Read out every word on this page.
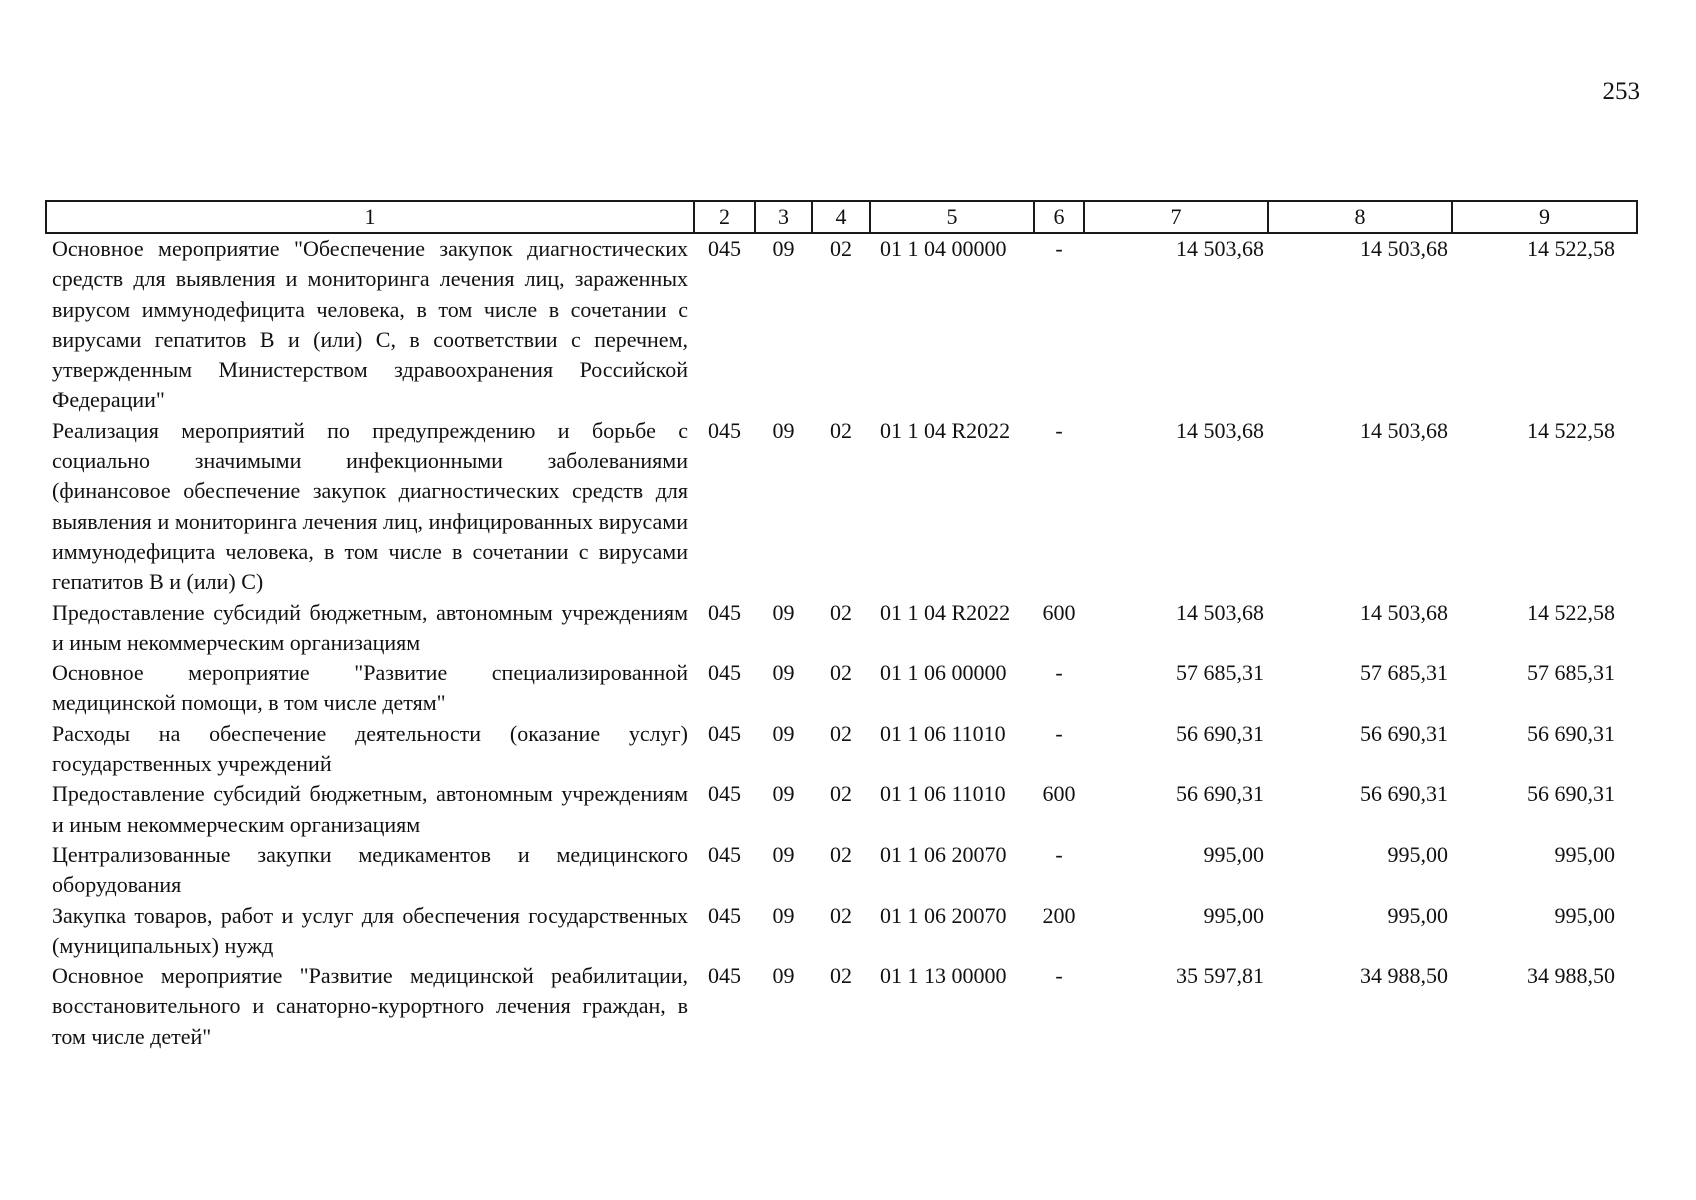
253
1	2	3	4	5	6	7	8	9
Основное мероприятие "Обеспечение закупок диагностических средств для выявления и мониторинга лечения лиц, зараженных вирусом иммунодефицита человека, в том числе в сочетании с вирусами гепатитов В и (или) С, в соответствии с перечнем, утвержденным Министерством здравоохранения Российской Федерации"	045	09	02	01 1 04 00000	-	14 503,68	14 503,68	14 522,58
Реализация мероприятий по предупреждению и борьбе с социально значимыми инфекционными заболеваниями (финансовое обеспечение закупок диагностических средств для выявления и мониторинга лечения лиц, инфицированных вирусами иммунодефицита человека, в том числе в сочетании с вирусами гепатитов В и (или) С)	045	09	02	01 1 04 R2022	-	14 503,68	14 503,68	14 522,58
Предоставление субсидий бюджетным, автономным учреждениям и иным некоммерческим организациям	045	09	02	01 1 04 R2022	600	14 503,68	14 503,68	14 522,58
Основное мероприятие "Развитие специализированной медицинской помощи, в том числе детям"	045	09	02	01 1 06 00000	-	57 685,31	57 685,31	57 685,31
Расходы на обеспечение деятельности (оказание услуг) государственных учреждений	045	09	02	01 1 06 11010	-	56 690,31	56 690,31	56 690,31
Предоставление субсидий бюджетным, автономным учреждениям и иным некоммерческим организациям	045	09	02	01 1 06 11010	600	56 690,31	56 690,31	56 690,31
Централизованные закупки медикаментов и медицинского оборудования	045	09	02	01 1 06 20070	-	995,00	995,00	995,00
Закупка товаров, работ и услуг для обеспечения государственных (муниципальных) нужд	045	09	02	01 1 06 20070	200	995,00	995,00	995,00
Основное мероприятие "Развитие медицинской реабилитации, восстановительного и санаторно-курортного лечения граждан, в том числе детей"	045	09	02	01 1 13 00000	-	35 597,81	34 988,50	34 988,50
